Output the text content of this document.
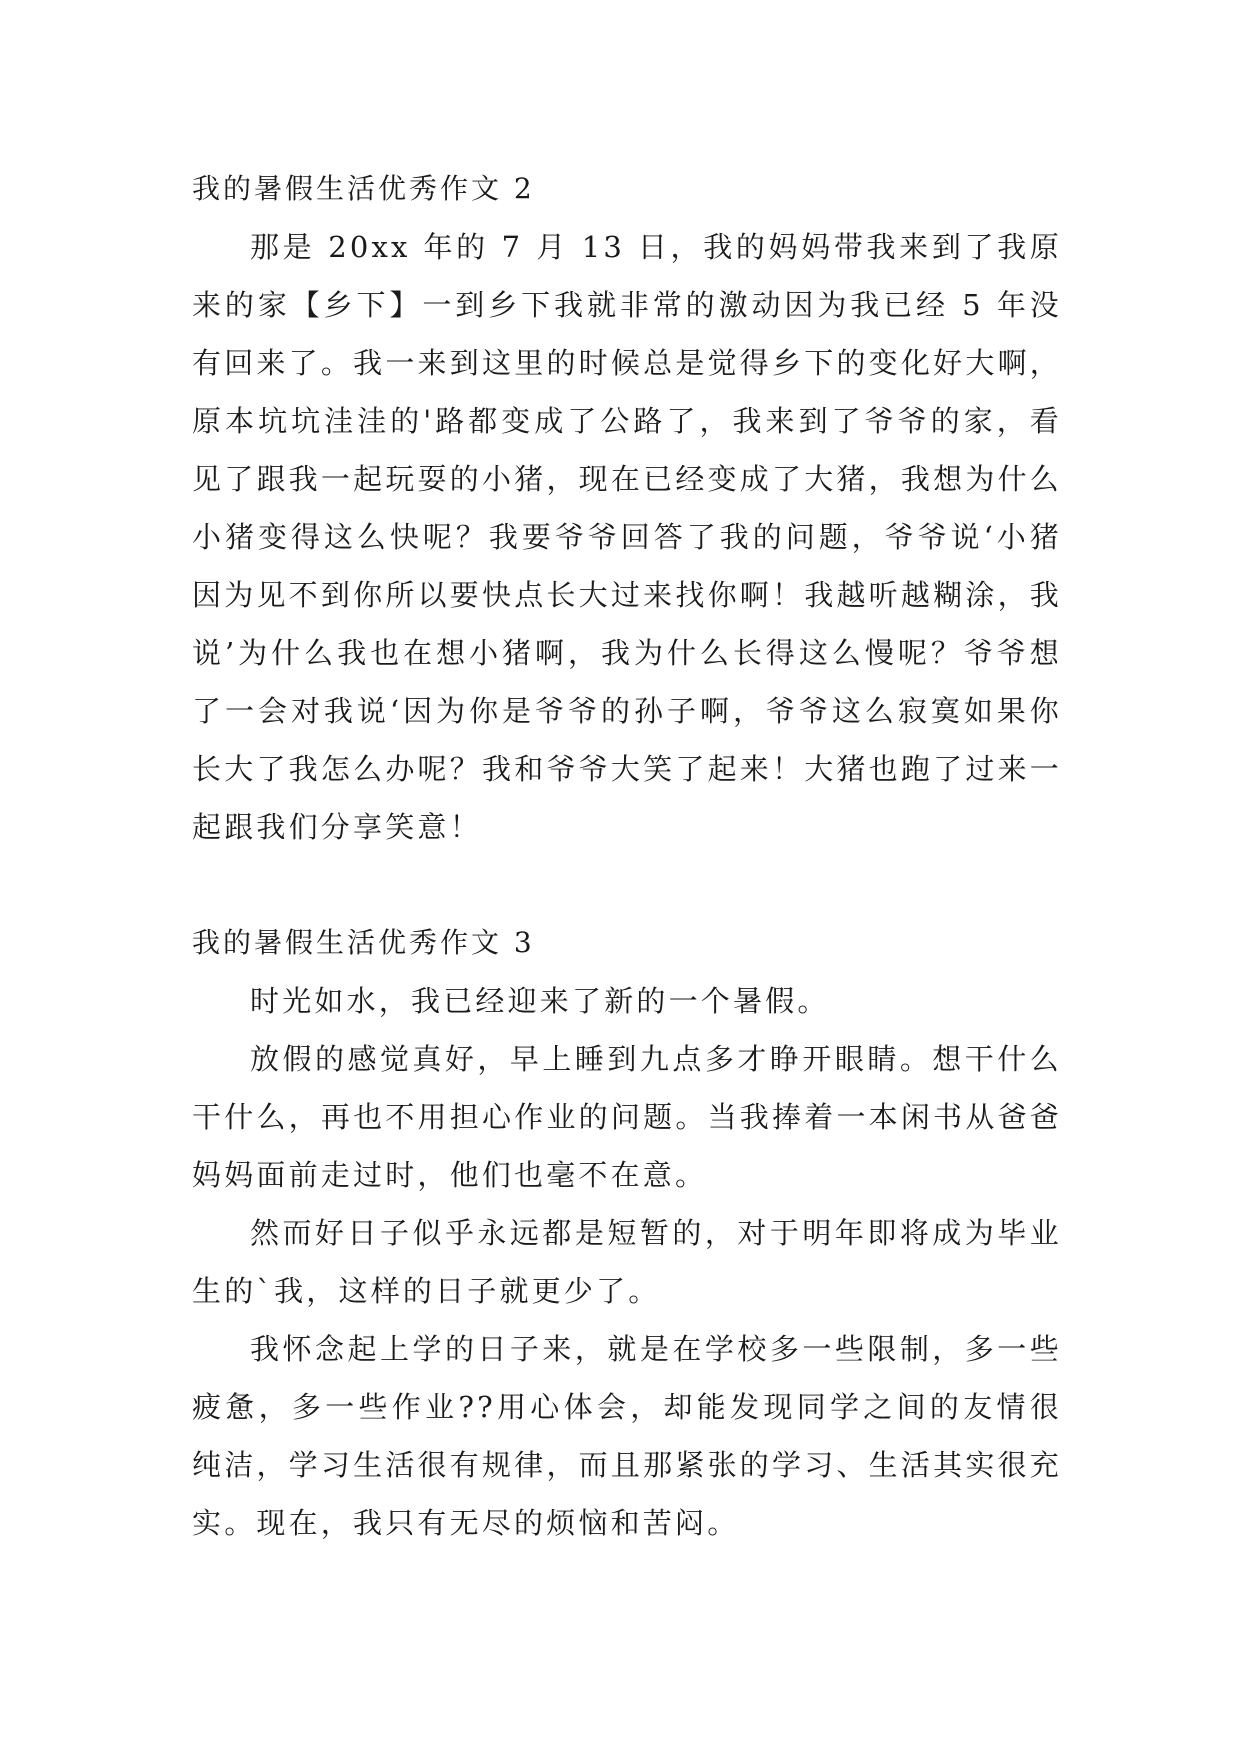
我的暑假生活优秀作文 2

那是 20xx 年的 7 月 13 日，我的妈妈带我来到了我原来的家【乡下】一到乡下我就非常的激动因为我已经 5 年没有回来了。我一来到这里的时候总是觉得乡下的变化好大啊，原本坑坑洼洼的'路都变成了公路了，我来到了爷爷的家，看见了跟我一起玩耍的小猪，现在已经变成了大猪，我想为什么小猪变得这么快呢？我要爷爷回答了我的问题，爷爷说‘小猪因为见不到你所以要快点长大过来找你啊！我越听越糊涂，我说’为什么我也在想小猪啊，我为什么长得这么慢呢？爷爷想了一会对我说‘因为你是爷爷的孙子啊，爷爷这么寂寞如果你长大了我怎么办呢？我和爷爷大笑了起来！大猪也跑了过来一起跟我们分享笑意！

我的暑假生活优秀作文 3

时光如水，我已经迎来了新的一个暑假。

放假的感觉真好，早上睡到九点多才睁开眼睛。想干什么干什么，再也不用担心作业的问题。当我捧着一本闲书从爸爸妈妈面前走过时，他们也毫不在意。

然而好日子似乎永远都是短暂的，对于明年即将成为毕业生的`我，这样的日子就更少了。

我怀念起上学的日子来，就是在学校多一些限制，多一些疲惫，多一些作业??用心体会，却能发现同学之间的友情很纯洁，学习生活很有规律，而且那紧张的学习、生活其实很充实。现在，我只有无尽的烦恼和苦闷。
